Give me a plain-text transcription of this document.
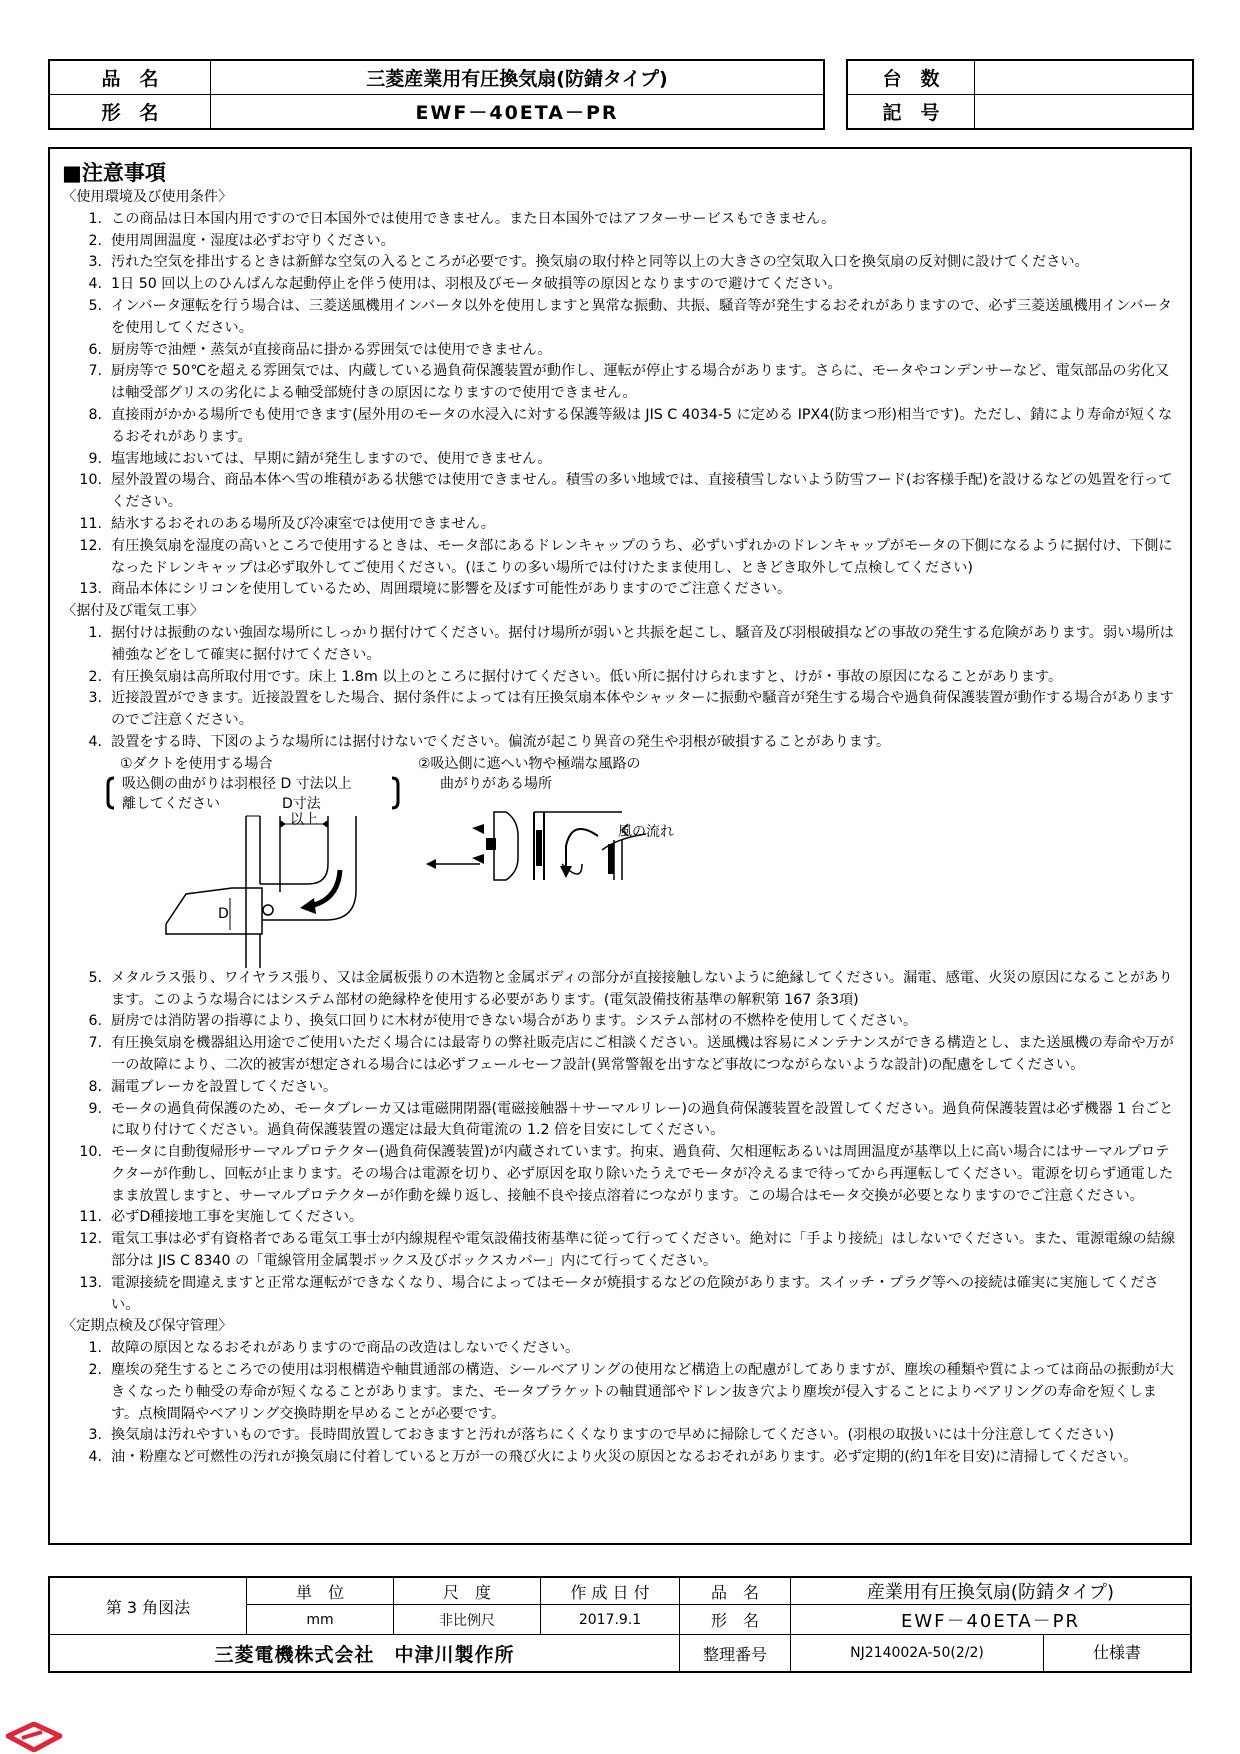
品　名	三菱産業用有圧換気扇(防錆タイプ)
形　名	EWF－40ETA－PR
台　数	
記　号	
■注意事項
〈使用環境及び使用条件〉
1. この商品は日本国内用ですので日本国外では使用できません。また日本国外ではアフターサービスもできません。
2. 使用周囲温度・湿度は必ずお守りください。
3. 汚れた空気を排出するときは新鮮な空気の入るところが必要です。換気扇の取付枠と同等以上の大きさの空気取入口を換気扇の反対側に設けてください。
4. 1日 50 回以上のひんぱんな起動停止を伴う使用は、羽根及びモータ破損等の原因となりますので避けてください。
5. インバータ運転を行う場合は、三菱送風機用インバータ以外を使用しますと異常な振動、共振、騒音等が発生するおそれがありますので、必ず三菱送風機用インバータを使用してください。
6. 厨房等で油煙・蒸気が直接商品に掛かる雰囲気では使用できません。
7. 厨房等で 50℃を超える雰囲気では、内蔵している過負荷保護装置が動作し、運転が停止する場合があります。さらに、モータやコンデンサーなど、電気部品の劣化又は軸受部グリスの劣化による軸受部焼付きの原因になりますので使用できません。
8. 直接雨がかかる場所でも使用できます(屋外用のモータの水浸入に対する保護等級は JIS C 4034-5 に定める IPX4(防まつ形)相当です)。ただし、錆により寿命が短くなるおそれがあります。
9. 塩害地域においては、早期に錆が発生しますので、使用できません。
10. 屋外設置の場合、商品本体へ雪の堆積がある状態では使用できません。積雪の多い地域では、直接積雪しないよう防雪フード(お客様手配)を設けるなどの処置を行ってください。
11. 結氷するおそれのある場所及び冷凍室では使用できません。
12. 有圧換気扇を湿度の高いところで使用するときは、モータ部にあるドレンキャップのうち、必ずいずれかのドレンキャップがモータの下側になるように据付け、下側になったドレンキャップは必ず取外してご使用ください。(ほこりの多い場所では付けたまま使用し、ときどき取外して点検してください)
13. 商品本体にシリコンを使用しているため、周囲環境に影響を及ぼす可能性がありますのでご注意ください。
〈据付及び電気工事〉
1. 据付けは振動のない強固な場所にしっかり据付けてください。据付け場所が弱いと共振を起こし、騒音及び羽根破損などの事故の発生する危険があります。弱い場所は補強などをして確実に据付けてください。
2. 有圧換気扇は高所取付用です。床上 1.8m 以上のところに据付けてください。低い所に据付けられますと、けが・事故の原因になることがあります。
3. 近接設置ができます。近接設置をした場合、据付条件によっては有圧換気扇本体やシャッターに振動や騒音が発生する場合や過負荷保護装置が動作する場合がありますのでご注意ください。
4. 設置をする時、下図のような場所には据付けないでください。偏流が起こり異音の発生や羽根が破損することがあります。
①ダクトを使用する場合
吸込側の曲がりは羽根径 D 寸法以上
離してください	D寸法
以上
D
②吸込側に遮へい物や極端な風路の
曲がりがある場所
風の流れ
5. メタルラス張り、ワイヤラス張り、又は金属板張りの木造物と金属ボディの部分が直接接触しないように絶縁してください。漏電、感電、火災の原因になることがあります。このような場合にはシステム部材の絶縁枠を使用する必要があります。(電気設備技術基準の解釈第 167 条3項)
6. 厨房では消防署の指導により、換気口回りに木材が使用できない場合があります。システム部材の不燃枠を使用してください。
7. 有圧換気扇を機器組込用途でご使用いただく場合には最寄りの弊社販売店にご相談ください。送風機は容易にメンテナンスができる構造とし、また送風機の寿命や万が一の故障により、二次的被害が想定される場合には必ずフェールセーフ設計(異常警報を出すなど事故につながらないような設計)の配慮をしてください。
8. 漏電ブレーカを設置してください。
9. モータの過負荷保護のため、モータブレーカ又は電磁開閉器(電磁接触器＋サーマルリレー)の過負荷保護装置を設置してください。過負荷保護装置は必ず機器 1 台ごとに取り付けてください。過負荷保護装置の選定は最大負荷電流の 1.2 倍を目安にしてください。
10. モータに自動復帰形サーマルプロテクター(過負荷保護装置)が内蔵されています。拘束、過負荷、欠相運転あるいは周囲温度が基準以上に高い場合にはサーマルプロテクターが作動し、回転が止まります。その場合は電源を切り、必ず原因を取り除いたうえでモータが冷えるまで待ってから再運転してください。電源を切らず通電したまま放置しますと、サーマルプロテクターが作動を繰り返し、接触不良や接点溶着につながります。この場合はモータ交換が必要となりますのでご注意ください。
11. 必ずD種接地工事を実施してください。
12. 電気工事は必ず有資格者である電気工事士が内線規程や電気設備技術基準に従って行ってください。絶対に「手より接続」はしないでください。また、電源電線の結線部分は JIS C 8340 の「電線管用金属製ボックス及びボックスカバー」内にて行ってください。
13. 電源接続を間違えますと正常な運転ができなくなり、場合によってはモータが焼損するなどの危険があります。スイッチ・プラグ等への接続は確実に実施してください。
〈定期点検及び保守管理〉
1. 故障の原因となるおそれがありますので商品の改造はしないでください。
2. 塵埃の発生するところでの使用は羽根構造や軸貫通部の構造、シールベアリングの使用など構造上の配慮がしてありますが、塵埃の種類や質によっては商品の振動が大きくなったり軸受の寿命が短くなることがあります。また、モータブラケットの軸貫通部やドレン抜き穴より塵埃が侵入することによりベアリングの寿命を短くします。点検間隔やベアリング交換時期を早めることが必要です。
3. 換気扇は汚れやすいものです。長時間放置しておきますと汚れが落ちにくくなりますので早めに掃除してください。(羽根の取扱いには十分注意してください)
4. 油・粉塵など可燃性の汚れが換気扇に付着していると万が一の飛び火により火災の原因となるおそれがあります。必ず定期的(約1年を目安)に清掃してください。
第 3 角図法	単　位	尺　度	作 成 日 付	品　名	産業用有圧換気扇(防錆タイプ)
	mm	非比例尺	2017.9.1	形　名	EWF－40ETA－PR
三菱電機株式会社　中津川製作所				整理番号	NJ214002A-50(2/2) 仕様書
